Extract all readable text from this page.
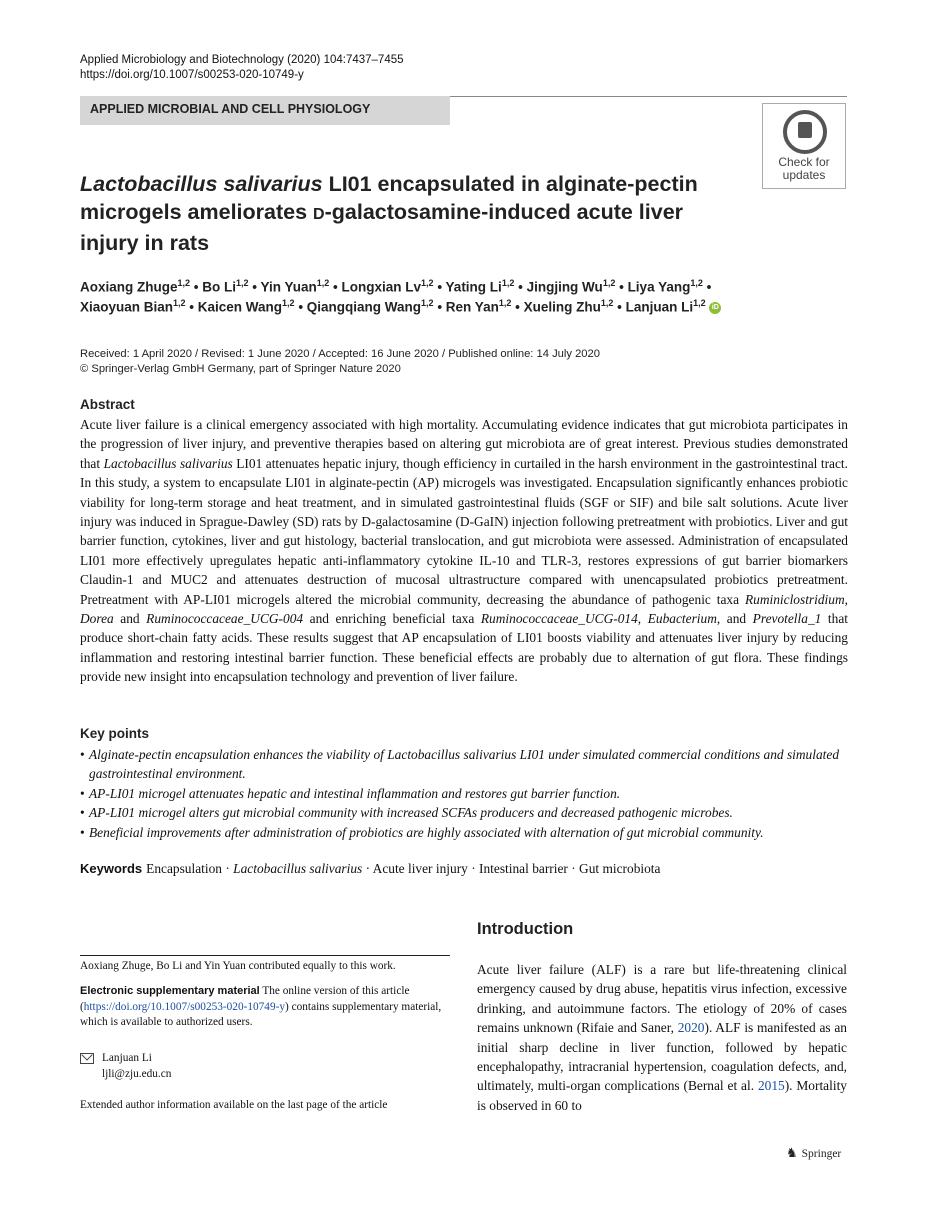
Applied Microbiology and Biotechnology (2020) 104:7437–7455
https://doi.org/10.1007/s00253-020-10749-y
APPLIED MICROBIAL AND CELL PHYSIOLOGY
Check for
updates
Lactobacillus salivarius LI01 encapsulated in alginate-pectin
microgels ameliorates D-galactosamine-induced acute liver
injury in rats
Aoxiang Zhuge$^{1,2}$ • Bo Li$^{1,2}$ • Yin Yuan$^{1,2}$ • Longxian Lv$^{1,2}$ • Yating Li$^{1,2}$ • Jingjing Wu$^{1,2}$ • Liya Yang$^{1,2}$ •
Xiaoyuan Bian$^{1,2}$ • Kaicen Wang$^{1,2}$ • Qiangqiang Wang$^{1,2}$ • Ren Yan$^{1,2}$ • Xueling Zhu$^{1,2}$ • Lanjuan Li$^{1,2}$ iD
Received: 1 April 2020 / Revised: 1 June 2020 / Accepted: 16 June 2020 / Published online: 14 July 2020
© Springer-Verlag GmbH Germany, part of Springer Nature 2020
Abstract
Acute liver failure is a clinical emergency associated with high mortality. Accumulating evidence indicates that gut microbiota participates in the progression of liver injury, and preventive therapies based on altering gut microbiota are of great interest. Previous studies demonstrated that Lactobacillus salivarius LI01 attenuates hepatic injury, though efficiency in curtailed in the harsh environment in the gastrointestinal tract. In this study, a system to encapsulate LI01 in alginate-pectin (AP) microgels was investigated. Encapsulation significantly enhances probiotic viability for long-term storage and heat treatment, and in simulated gastrointestinal fluids (SGF or SIF) and bile salt solutions. Acute liver injury was induced in Sprague-Dawley (SD) rats by D-galactosamine (D-GaIN) injection following pretreatment with probiotics. Liver and gut barrier function, cytokines, liver and gut histology, bacterial translocation, and gut microbiota were assessed. Administration of encapsulated LI01 more effectively upregulates hepatic anti-inflammatory cytokine IL-10 and TLR-3, restores expressions of gut barrier biomarkers Claudin-1 and MUC2 and attenuates destruction of mucosal ultrastructure compared with unencapsulated probiotics pretreatment. Pretreatment with AP-LI01 microgels altered the microbial community, decreasing the abundance of pathogenic taxa Ruminiclostridium, Dorea and Ruminococcaceae_UCG-004 and enriching beneficial taxa Ruminococcaceae_UCG-014, Eubacterium, and Prevotella_1 that produce short-chain fatty acids. These results suggest that AP encapsulation of LI01 boosts viability and attenuates liver injury by reducing inflammation and restoring intestinal barrier function. These beneficial effects are probably due to alternation of gut flora. These findings provide new insight into encapsulation technology and prevention of liver failure.
Key points
• Alginate-pectin encapsulation enhances the viability of Lactobacillus salivarius LI01 under simulated commercial conditions and simulated gastrointestinal environment.
• AP-LI01 microgel attenuates hepatic and intestinal inflammation and restores gut barrier function.
• AP-LI01 microgel alters gut microbial community with increased SCFAs producers and decreased pathogenic microbes.
• Beneficial improvements after administration of probiotics are highly associated with alternation of gut microbial community.
Keywords Encapsulation · Lactobacillus salivarius · Acute liver injury · Intestinal barrier · Gut microbiota
Aoxiang Zhuge, Bo Li and Yin Yuan contributed equally to this work.
Electronic supplementary material The online version of this article (https://doi.org/10.1007/s00253-020-10749-y) contains supplementary material, which is available to authorized users.
Lanjuan Li
ljli@zju.edu.cn
Extended author information available on the last page of the article
Introduction
Acute liver failure (ALF) is a rare but life-threatening clinical emergency caused by drug abuse, hepatitis virus infection, excessive drinking, and autoimmune factors. The etiology of 20% of cases remains unknown (Rifaie and Saner, 2020). ALF is manifested as an initial sharp decline in liver function, followed by hepatic encephalopathy, intracranial hypertension, coagulation defects, and, ultimately, multi-organ complications (Bernal et al. 2015). Mortality is observed in 60 to
♞ Springer
